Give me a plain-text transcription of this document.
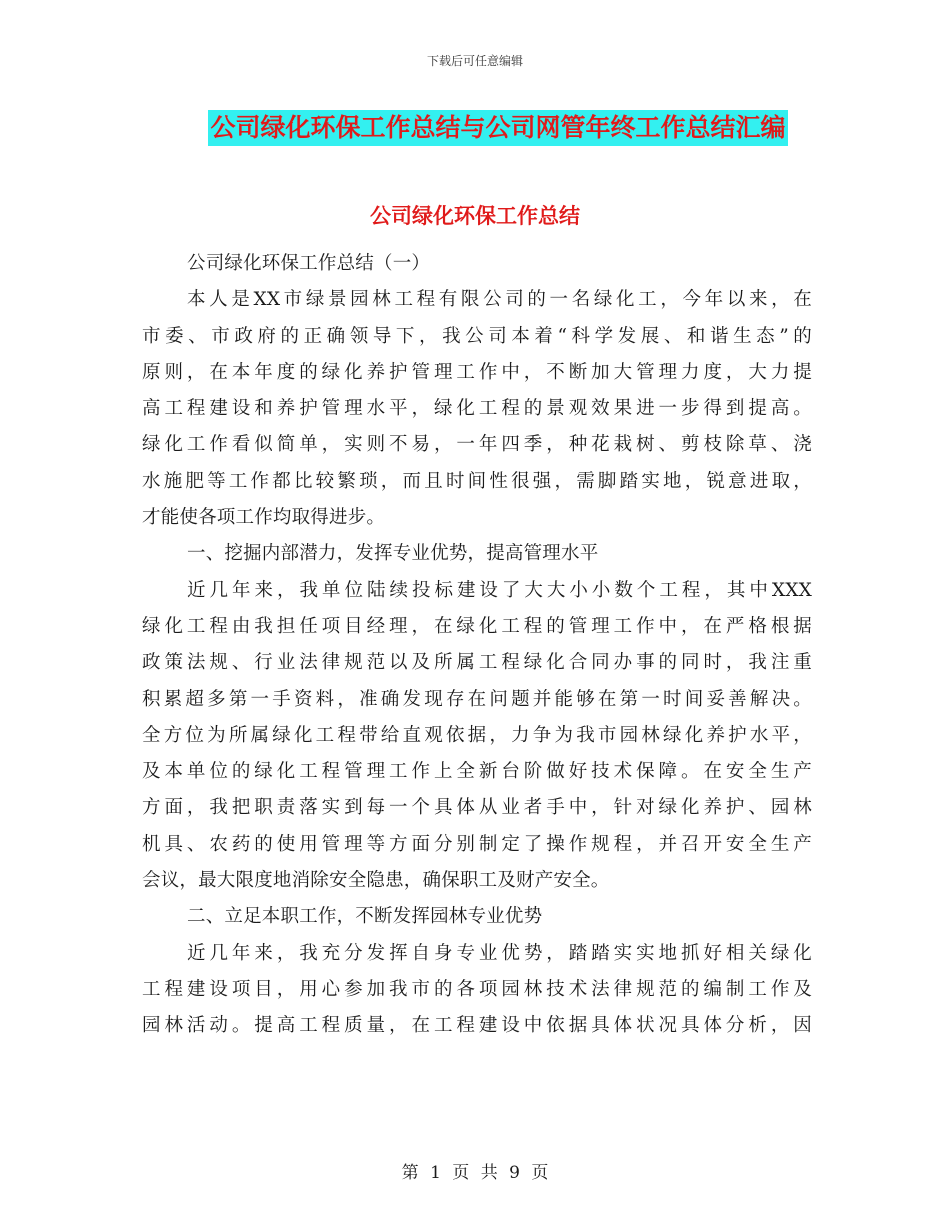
下载后可任意编辑
公司绿化环保工作总结与公司网管年终工作总结汇编
公司绿化环保工作总结
公司绿化环保工作总结（一）
本人是XX市绿景园林工程有限公司的一名绿化工，今年以来，在
市委、市政府的正确领导下，我公司本着“科学发展、和谐生态”的
原则，在本年度的绿化养护管理工作中，不断加大管理力度，大力提
高工程建设和养护管理水平，绿化工程的景观效果进一步得到提高。
绿化工作看似简单，实则不易，一年四季，种花栽树、剪枝除草、浇
水施肥等工作都比较繁琐，而且时间性很强，需脚踏实地，锐意进取，
才能使各项工作均取得进步。
一、挖掘内部潜力，发挥专业优势，提高管理水平
近几年来，我单位陆续投标建设了大大小小数个工程，其中XXX
绿化工程由我担任项目经理，在绿化工程的管理工作中，在严格根据
政策法规、行业法律规范以及所属工程绿化合同办事的同时，我注重
积累超多第一手资料，准确发现存在问题并能够在第一时间妥善解决。
全方位为所属绿化工程带给直观依据，力争为我市园林绿化养护水平，
及本单位的绿化工程管理工作上全新台阶做好技术保障。在安全生产
方面，我把职责落实到每一个具体从业者手中，针对绿化养护、园林
机具、农药的使用管理等方面分别制定了操作规程，并召开安全生产
会议，最大限度地消除安全隐患，确保职工及财产安全。
二、立足本职工作，不断发挥园林专业优势
近几年来，我充分发挥自身专业优势，踏踏实实地抓好相关绿化
工程建设项目，用心参加我市的各项园林技术法律规范的编制工作及
园林活动。提高工程质量，在工程建设中依据具体状况具体分析，因
第 1 页 共 9 页
